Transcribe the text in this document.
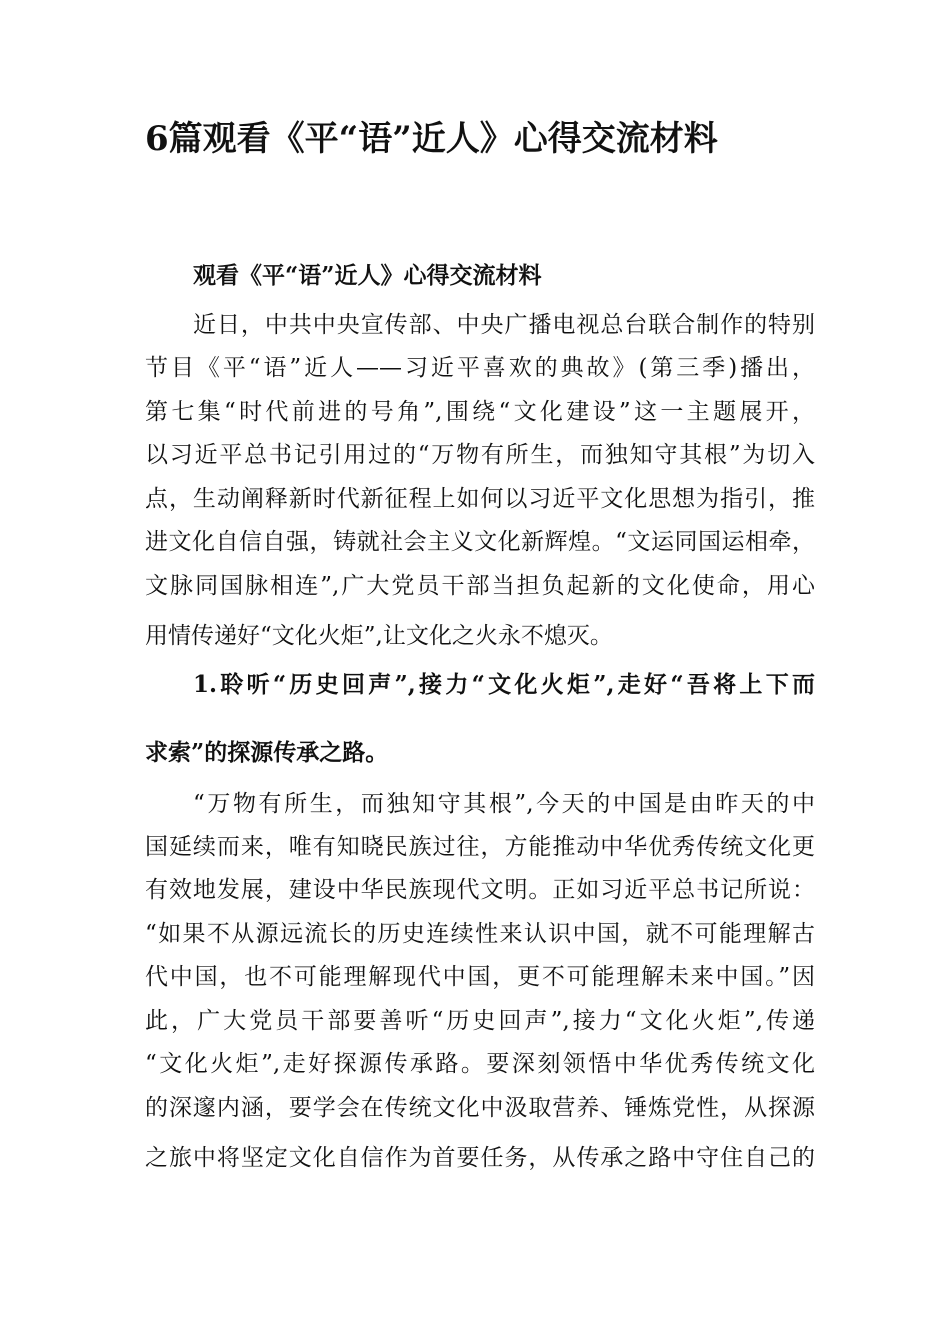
6篇观看《平“语”近人》心得交流材料
观看《平“语”近人》心得交流材料

近日，中共中央宣传部、中央广播电视总台联合制作的特别

节目《平“语”近人——习近平喜欢的典故》(第三季)播出，

第七集“时代前进的号角”,围绕“文化建设”这一主题展开，

以习近平总书记引用过的“万物有所生，而独知守其根”为切入

点，生动阐释新时代新征程上如何以习近平文化思想为指引，推

进文化自信自强，铸就社会主义文化新辉煌。“文运同国运相牵，

文脉同国脉相连”,广大党员干部当担负起新的文化使命，用心

用情传递好“文化火炬”,让文化之火永不熄灭。

1.聆听“历史回声”,接力“文化火炬”,走好“吾将上下而

求索”的探源传承之路。

“万物有所生，而独知守其根”,今天的中国是由昨天的中

国延续而来，唯有知晓民族过往，方能推动中华优秀传统文化更

有效地发展，建设中华民族现代文明。正如习近平总书记所说：

“如果不从源远流长的历史连续性来认识中国，就不可能理解古

代中国，也不可能理解现代中国，更不可能理解未来中国。”因

此，广大党员干部要善听“历史回声”,接力“文化火炬”,传递

“文化火炬”,走好探源传承路。要深刻领悟中华优秀传统文化

的深邃内涵，要学会在传统文化中汲取营养、锤炼党性，从探源

之旅中将坚定文化自信作为首要任务，从传承之路中守住自己的
